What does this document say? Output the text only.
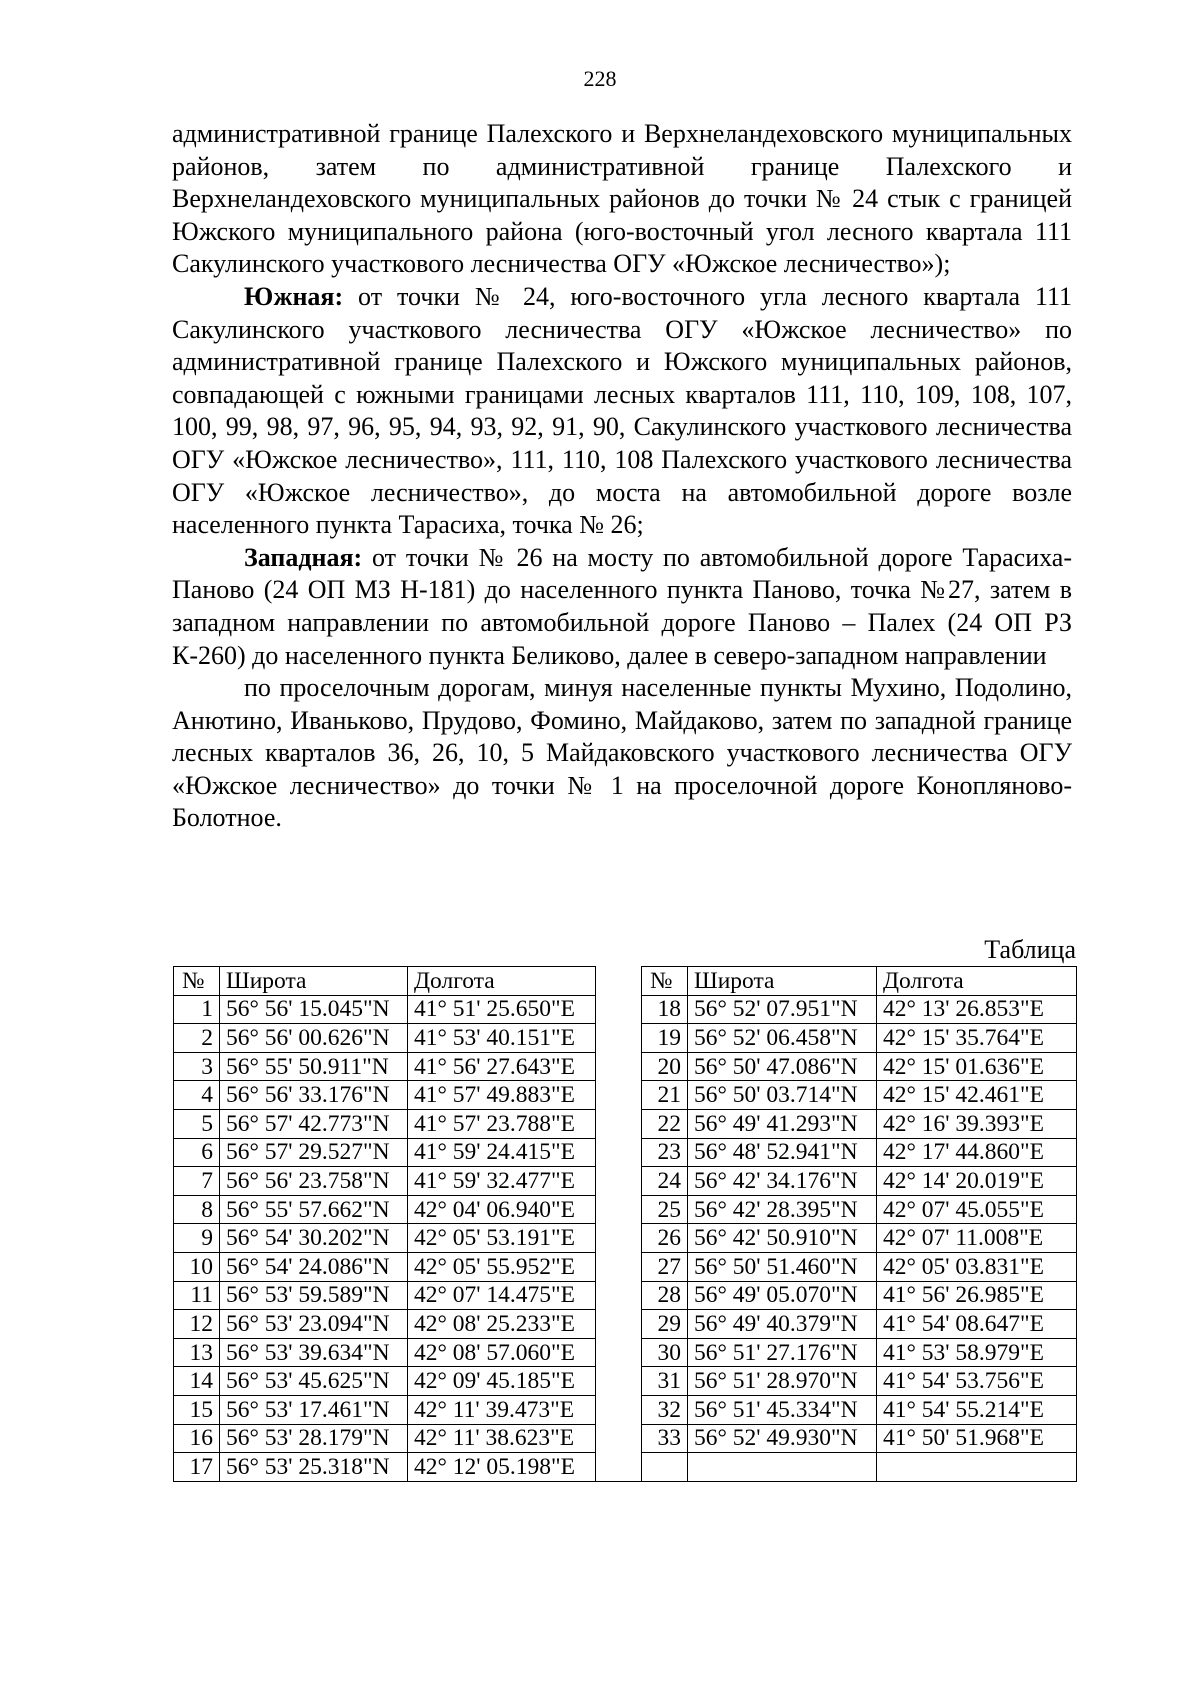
228

административной границе Палехского и Верхнеландеховского муниципальных районов, затем по административной границе Палехского и Верхнеландеховского муниципальных районов до точки № 24 стык с границей Южского муниципального района (юго-восточный угол лесного квартала 111 Сакулинского участкового лесничества ОГУ «Южское лесничество»);

Южная: от точки № 24, юго-восточного угла лесного квартала 111 Сакулинского участкового лесничества ОГУ «Южское лесничество» по административной границе Палехского и Южского муниципальных районов, совпадающей с южными границами лесных кварталов 111, 110, 109, 108, 107, 100, 99, 98, 97, 96, 95, 94, 93, 92, 91, 90, Сакулинского участкового лесничества ОГУ «Южское лесничество», 111, 110, 108 Палехского участкового лесничества ОГУ «Южское лесничество», до моста на автомобильной дороге возле населенного пункта Тарасиха, точка № 26;

Западная: от точки № 26 на мосту по автомобильной дороге Тарасиха-Паново (24 ОП МЗ Н-181) до населенного пункта Паново, точка №27, затем в западном направлении по автомобильной дороге Паново – Палех (24 ОП РЗ К-260) до населенного пункта Беликово, далее в северо-западном направлении

по проселочным дорогам, минуя населенные пункты Мухино, Подолино, Анютино, Иваньково, Прудово, Фомино, Майдаково, затем по западной границе лесных кварталов 36, 26, 10, 5 Майдаковского участкового лесничества ОГУ «Южское лесничество» до точки № 1 на проселочной дороге Конопляново-Болотное.

Таблица
№	Широта	Долгота		№	Широта	Долгота
1	56° 56' 15.045"N	41° 51' 25.650"E		18	56° 52' 07.951"N	42° 13' 26.853"E
2	56° 56' 00.626"N	41° 53' 40.151"E		19	56° 52' 06.458"N	42° 15' 35.764"E
3	56° 55' 50.911"N	41° 56' 27.643"E		20	56° 50' 47.086"N	42° 15' 01.636"E
4	56° 56' 33.176"N	41° 57' 49.883"E		21	56° 50' 03.714"N	42° 15' 42.461"E
5	56° 57' 42.773"N	41° 57' 23.788"E		22	56° 49' 41.293"N	42° 16' 39.393"E
6	56° 57' 29.527"N	41° 59' 24.415"E		23	56° 48' 52.941"N	42° 17' 44.860"E
7	56° 56' 23.758"N	41° 59' 32.477"E		24	56° 42' 34.176"N	42° 14' 20.019"E
8	56° 55' 57.662"N	42° 04' 06.940"E		25	56° 42' 28.395"N	42° 07' 45.055"E
9	56° 54' 30.202"N	42° 05' 53.191"E		26	56° 42' 50.910"N	42° 07' 11.008"E
10	56° 54' 24.086"N	42° 05' 55.952"E		27	56° 50' 51.460"N	42° 05' 03.831"E
11	56° 53' 59.589"N	42° 07' 14.475"E		28	56° 49' 05.070"N	41° 56' 26.985"E
12	56° 53' 23.094"N	42° 08' 25.233"E		29	56° 49' 40.379"N	41° 54' 08.647"E
13	56° 53' 39.634"N	42° 08' 57.060"E		30	56° 51' 27.176"N	41° 53' 58.979"E
14	56° 53' 45.625"N	42° 09' 45.185"E		31	56° 51' 28.970"N	41° 54' 53.756"E
15	56° 53' 17.461"N	42° 11' 39.473"E		32	56° 51' 45.334"N	41° 54' 55.214"E
16	56° 53' 28.179"N	42° 11' 38.623"E		33	56° 52' 49.930"N	41° 50' 51.968"E
17	56° 53' 25.318"N	42° 12' 05.198"E				
